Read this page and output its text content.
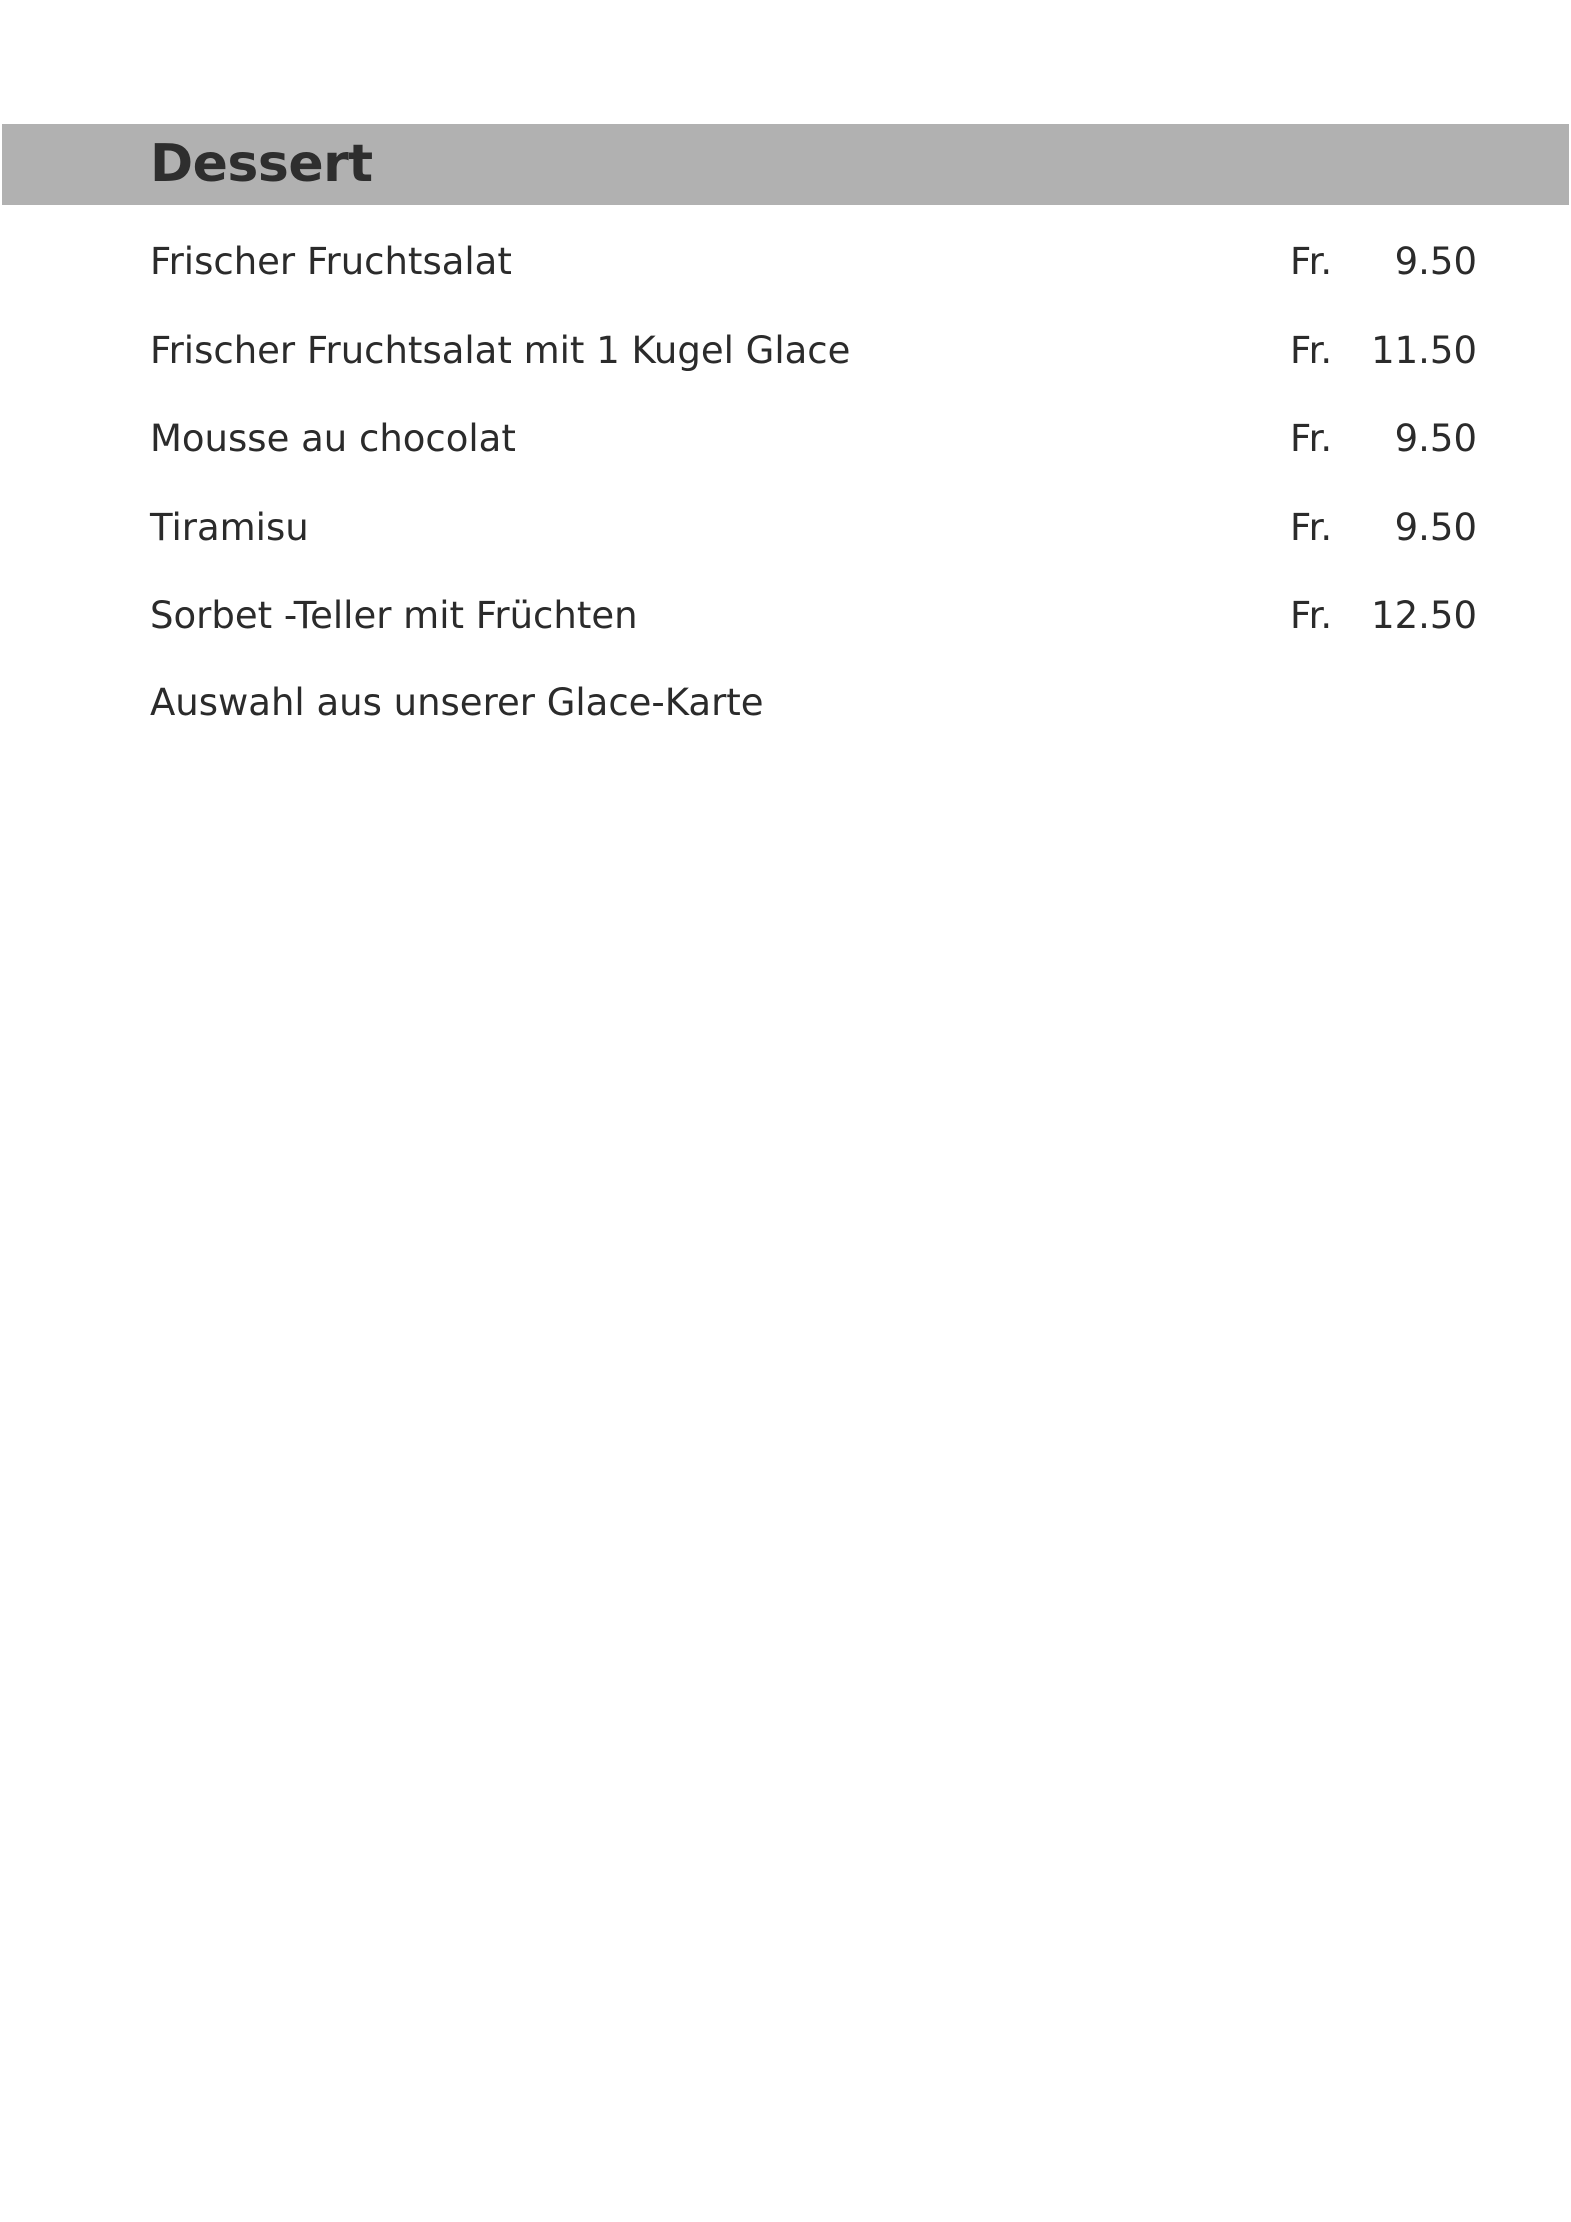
Dessert
Frischer Fruchtsalat	Fr. 9.50
Frischer Fruchtsalat mit 1 Kugel Glace	Fr. 11.50
Mousse au chocolat	Fr. 9.50
Tiramisu	Fr. 9.50
Sorbet -Teller mit Früchten	Fr. 12.50
Auswahl aus unserer Glace-Karte
